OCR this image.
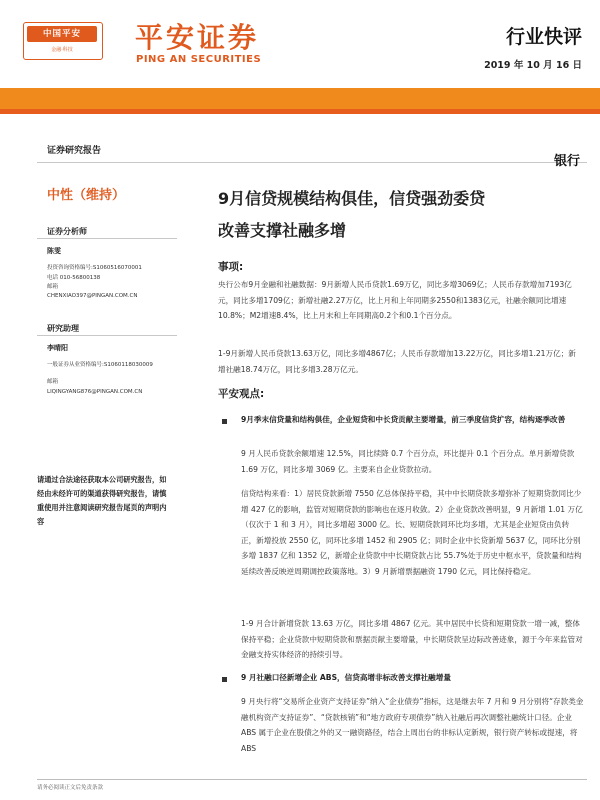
中国平安
金融·科技	平安证券
PING AN SECURITIES
行业快评
2019 年 10 月 16 日
证券研究报告
中性（维持）
证券分析师
陈雯
投资咨询资格编号:S1060516070001
电话 010-56800138
邮箱
CHENXIAO397@PINGAN.COM.CN
研究助理
李晴阳
一般证券从业资格编号:S1060118030009
邮箱
LIQINGYANG876@PINGAN.COM.CN
请通过合法途径获取本公司研究报告，如经由未经许可的渠道获得研究报告，请慎重使用并注意阅读研究报告尾页的声明内容
银行
9月信贷规模结构俱佳，信贷强劲委贷
改善支撑社融多增
事项:
央行公布9月金融和社融数据：9月新增人民币贷款1.69万亿，同比多增3069亿；人民币存款增加7193亿元，同比多增1709亿；新增社融2.27万亿，比上月和上年同期多2550和1383亿元，社融余额同比增速10.8%；M2增速8.4%，比上月末和上年同期高0.2个和0.1个百分点。
1-9月新增人民币贷款13.63万亿，同比多增4867亿；人民币存款增加13.22万亿，同比多增1.21万亿；新增社融18.74万亿，同比多增3.28万亿元。
平安观点:
9月季末信贷量和结构俱佳，企业短贷和中长贷贡献主要增量，前三季度信贷扩容，结构逐季改善
9 月人民币贷款余额增速 12.5%，同比续降 0.7 个百分点，环比提升 0.1 个百分点。单月新增贷款 1.69 万亿，同比多增 3069 亿。主要来自企业贷款拉动。
信贷结构来看：1）居民贷款新增 7550 亿总体保持平稳，其中中长期贷款多增弥补了短期贷款同比少增 427 亿的影响，监管对短期贷款的影响也在逐月收敛。2）企业贷款改善明显，9 月新增 1.01 万亿（仅次于 1 和 3 月），同比多增超 3000 亿。长、短期贷款同环比均多增，尤其是企业短贷由负转正，新增投放 2550 亿，同环比多增 1452 和 2905 亿；同时企业中长贷新增 5637 亿，同环比分别多增 1837 亿和 1352 亿，新增企业贷款中中长期贷款占比 55.7%处于历史中枢水平，贷款量和结构延续改善反映逆周期调控政策落地。3）9 月新增票据融资 1790 亿元，同比保持稳定。
1-9 月合计新增贷款 13.63 万亿，同比多增 4867 亿元。其中居民中长贷和短期贷款一增一减，整体保持平稳；企业贷款中短期贷款和票据贡献主要增量，中长期贷款呈边际改善迹象，源于今年来监管对金融支持实体经济的持续引导。
9 月社融口径新增企业 ABS，信贷高增非标改善支撑社融增量
9 月央行将“交易所企业资产支持证券”纳入“企业债券”指标，这是继去年 7 月和 9 月分别将“存款类金融机构资产支持证券”、“贷款核销”和“地方政府专项债券”纳入社融后再次调整社融统计口径。企业 ABS 属于企业在股债之外的又一融资路径，结合上周出台的非标认定新规，银行资产转标或提速，将 ABS
请务必阅读正文后免责条款
